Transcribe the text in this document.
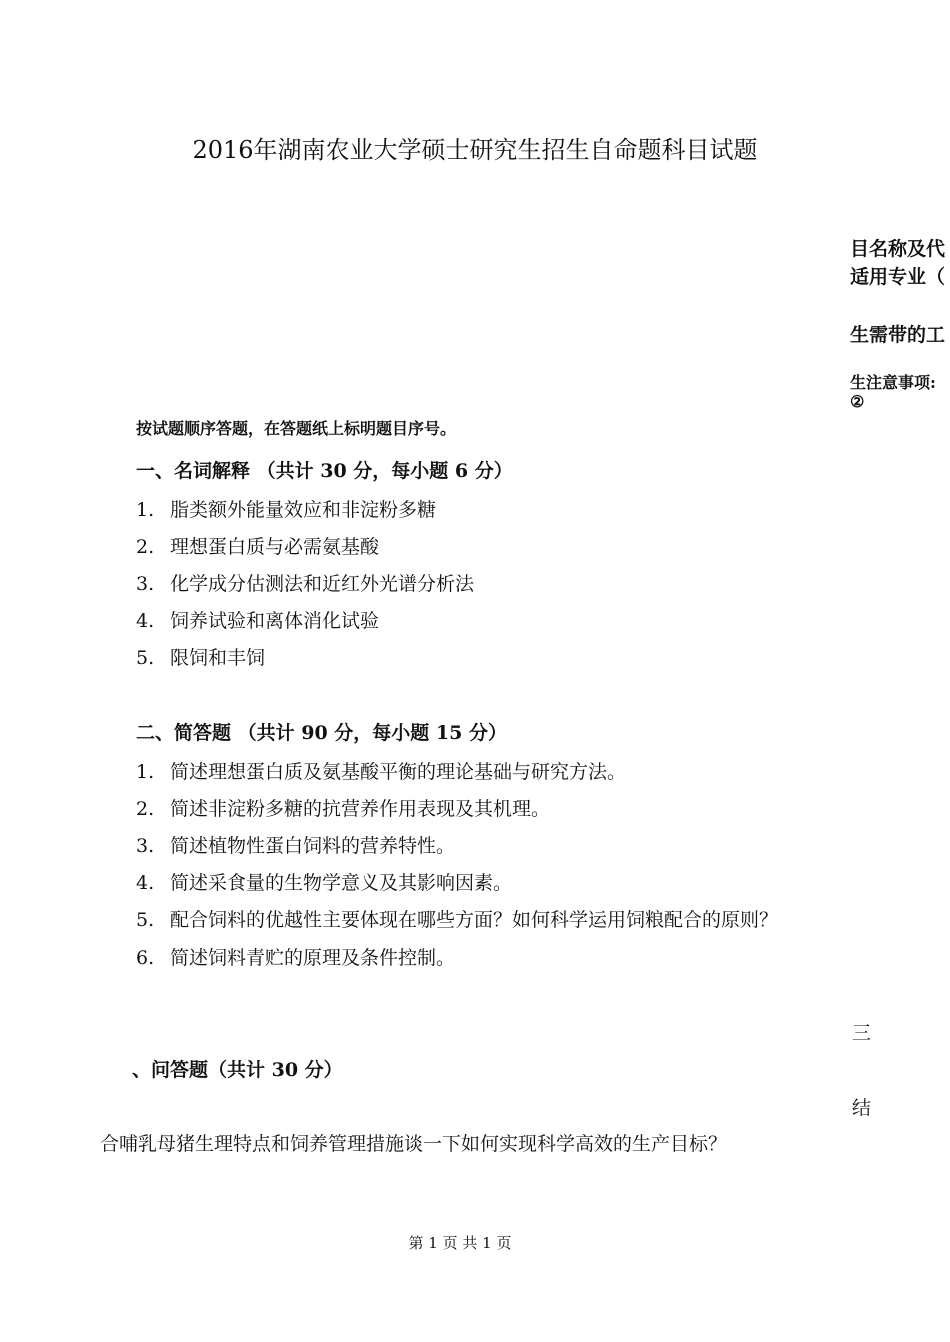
2016年湖南农业大学硕士研究生招生自命题科目试题
目名称及代
适用专业（
生需带的工
生注意事项:
②
按试题顺序答题，在答题纸上标明题目序号。
一、名词解释 （共计 30 分，每小题 6 分）
1. 脂类额外能量效应和非淀粉多糖
2. 理想蛋白质与必需氨基酸
3. 化学成分估测法和近红外光谱分析法
4. 饲养试验和离体消化试验
5. 限饲和丰饲
二、简答题 （共计 90 分，每小题 15 分）
1. 简述理想蛋白质及氨基酸平衡的理论基础与研究方法。
2. 简述非淀粉多糖的抗营养作用表现及其机理。
3. 简述植物性蛋白饲料的营养特性。
4. 简述采食量的生物学意义及其影响因素。
5. 配合饲料的优越性主要体现在哪些方面？如何科学运用饲粮配合的原则？
6. 简述饲料青贮的原理及条件控制。
三
、问答题（共计 30 分）
结
合哺乳母猪生理特点和饲养管理措施谈一下如何实现科学高效的生产目标？
第 1 页 共 1 页
